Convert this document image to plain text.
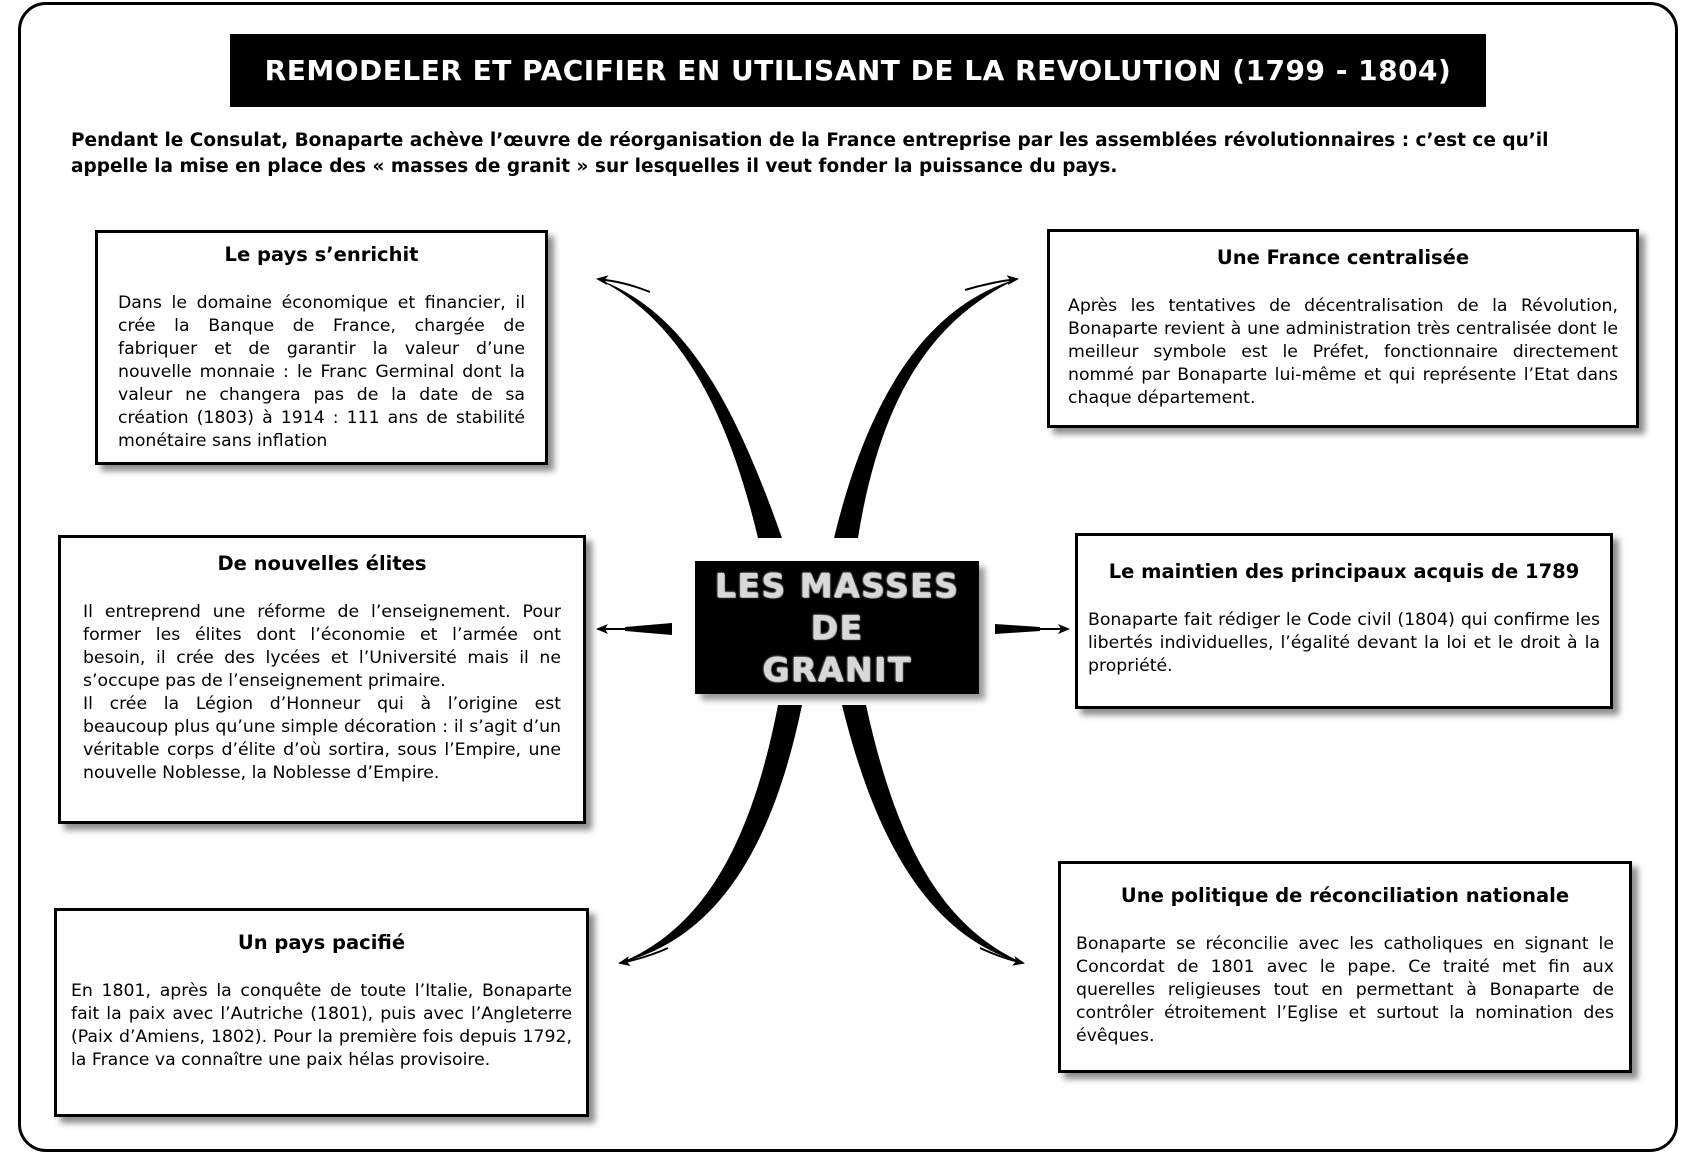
REMODELER ET PACIFIER EN UTILISANT DE LA REVOLUTION (1799 - 1804)
Pendant le Consulat, Bonaparte achève l’œuvre de réorganisation de la France entreprise par les assemblées révolutionnaires : c’est ce qu’il appelle la mise en place des « masses de granit » sur lesquelles il veut fonder la puissance du pays.
LES MASSES
DE
GRANIT
Le pays s’enrichit

Dans le domaine économique et financier, il crée la Banque de France, chargée de fabriquer et de garantir la valeur d’une nouvelle monnaie : le Franc Germinal dont la valeur ne changera pas de la date de sa création (1803) à 1914 : 111 ans de stabilité monétaire sans inflation

Une France centralisée

Après les tentatives de décentralisation de la Révolution, Bonaparte revient à une administration très centralisée dont le meilleur symbole est le Préfet, fonctionnaire directement nommé par Bonaparte lui-même et qui représente l’Etat dans chaque département.

De nouvelles élites

Il entreprend une réforme de l’enseignement. Pour former les élites dont l’économie et l’armée ont besoin, il crée des lycées et l’Université mais il ne s’occupe pas de l’enseignement primaire.

Il crée la Légion d’Honneur qui à l’origine est beaucoup plus qu’une simple décoration : il s’agit d’un véritable corps d’élite d’où sortira, sous l’Empire, une nouvelle Noblesse, la Noblesse d’Empire.

Le maintien des principaux acquis de 1789

Bonaparte fait rédiger le Code civil (1804) qui confirme les libertés individuelles, l’égalité devant la loi et le droit à la propriété.

Un pays pacifié

En 1801, après la conquête de toute l’Italie, Bonaparte fait la paix avec l’Autriche (1801), puis avec l’Angleterre (Paix d’Amiens, 1802). Pour la première fois depuis 1792, la France va connaître une paix hélas provisoire.

Une politique de réconciliation nationale

Bonaparte se réconcilie avec les catholiques en signant le Concordat de 1801 avec le pape. Ce traité met fin aux querelles religieuses tout en permettant à Bonaparte de contrôler étroitement l’Eglise et surtout la nomination des évêques.
